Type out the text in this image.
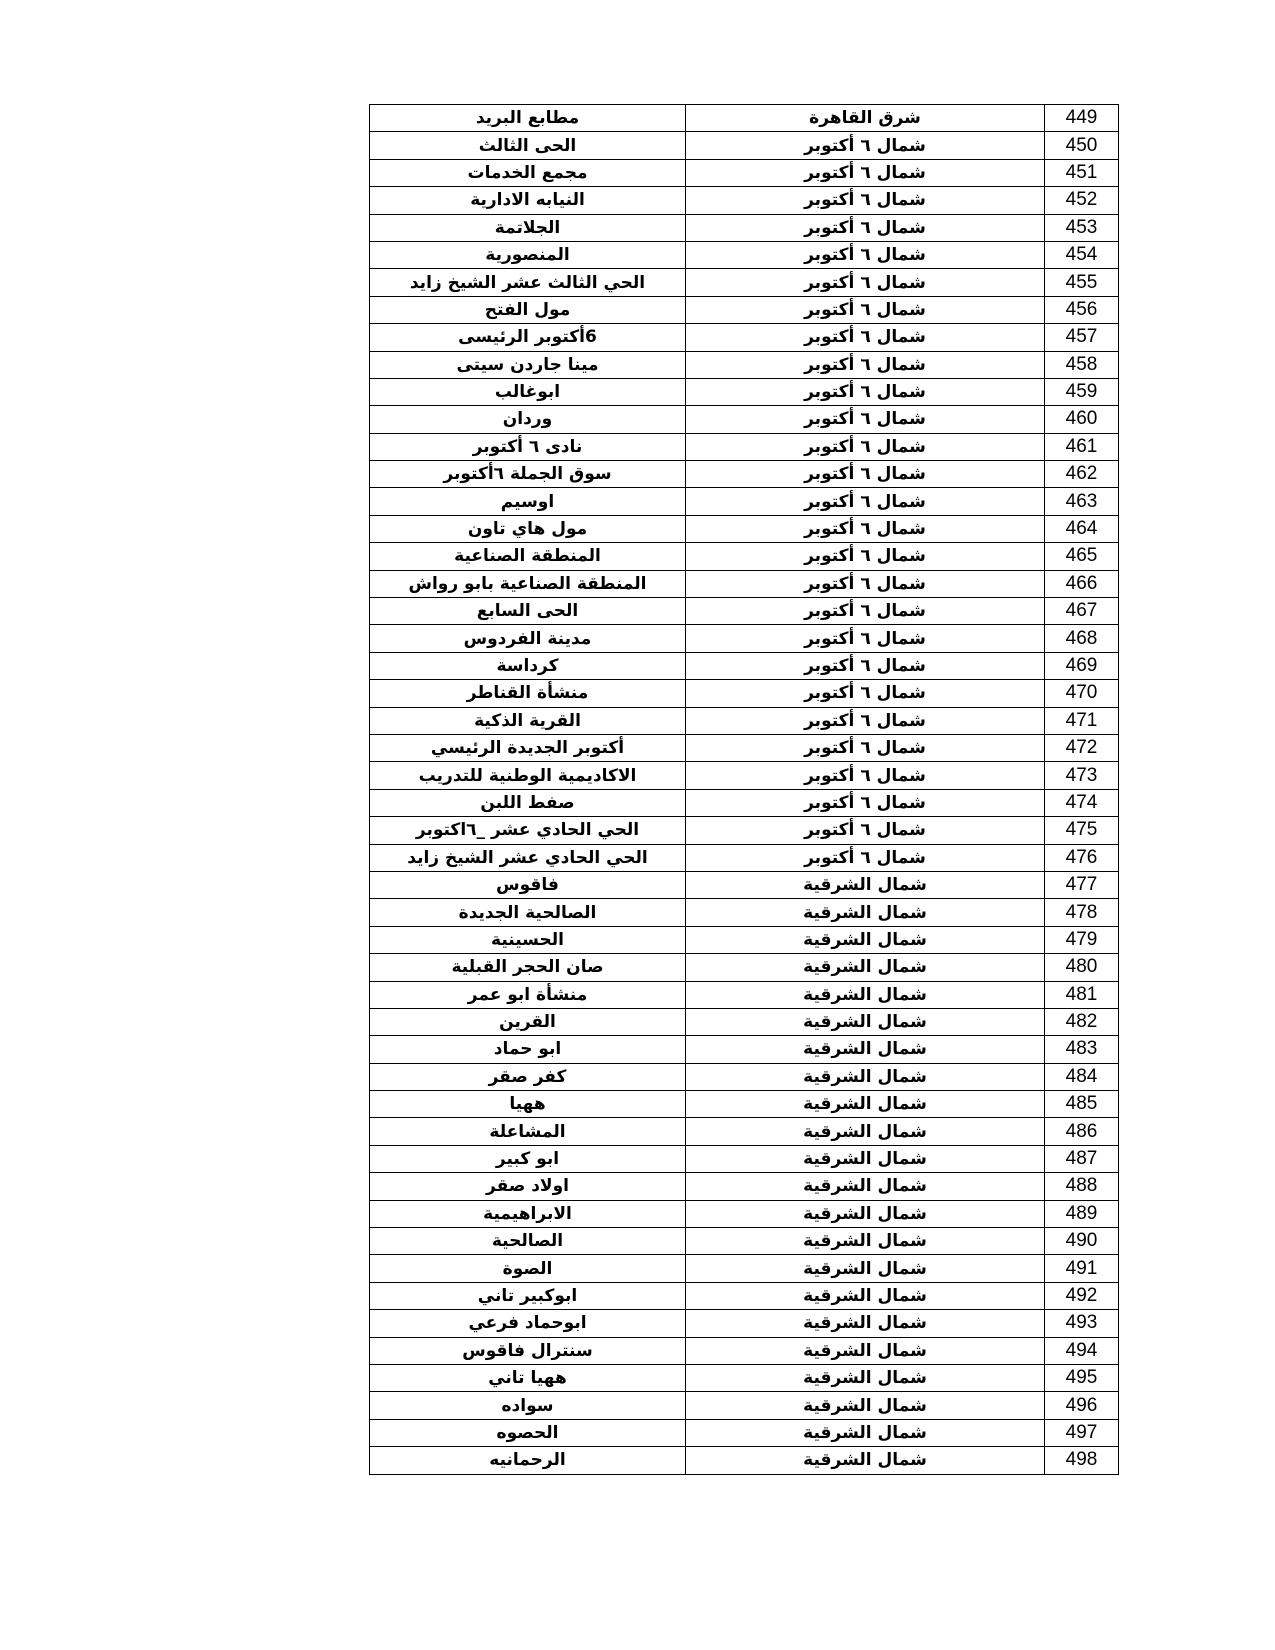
مطابع البريد	شرق القاهرة	449
الحى الثالث	شمال ٦ أكتوبر	450
مجمع الخدمات	شمال ٦ أكتوبر	451
النيابه الادارية	شمال ٦ أكتوبر	452
الجلاتمة	شمال ٦ أكتوبر	453
المنصورية	شمال ٦ أكتوبر	454
الحي الثالث عشر الشيخ زايد	شمال ٦ أكتوبر	455
مول الفتح	شمال ٦ أكتوبر	456
6أكتوبر الرئيسى	شمال ٦ أكتوبر	457
مينا جاردن سيتى	شمال ٦ أكتوبر	458
ابوغالب	شمال ٦ أكتوبر	459
وردان	شمال ٦ أكتوبر	460
نادى ٦ أكتوبر	شمال ٦ أكتوبر	461
سوق الجملة ٦أكتوبر	شمال ٦ أكتوبر	462
اوسيم	شمال ٦ أكتوبر	463
مول هاي تاون	شمال ٦ أكتوبر	464
المنطقة الصناعية	شمال ٦ أكتوبر	465
المنطقة الصناعية بابو رواش	شمال ٦ أكتوبر	466
الحى السابع	شمال ٦ أكتوبر	467
مدينة الفردوس	شمال ٦ أكتوبر	468
كرداسة	شمال ٦ أكتوبر	469
منشأة القناطر	شمال ٦ أكتوبر	470
القرية الذكية	شمال ٦ أكتوبر	471
أكتوبر الجديدة الرئيسي	شمال ٦ أكتوبر	472
الاكاديمية الوطنية للتدريب	شمال ٦ أكتوبر	473
صفط اللبن	شمال ٦ أكتوبر	474
الحي الحادي عشر _٦اكتوبر	شمال ٦ أكتوبر	475
الحي الحادي عشر الشيخ زايد	شمال ٦ أكتوبر	476
فاقوس	شمال الشرقية	477
الصالحية الجديدة	شمال الشرقية	478
الحسينية	شمال الشرقية	479
صان الحجر القبلية	شمال الشرقية	480
منشأة ابو عمر	شمال الشرقية	481
القرين	شمال الشرقية	482
ابو حماد	شمال الشرقية	483
كفر صقر	شمال الشرقية	484
ههيا	شمال الشرقية	485
المشاعلة	شمال الشرقية	486
ابو كبير	شمال الشرقية	487
اولاد صقر	شمال الشرقية	488
الابراهيمية	شمال الشرقية	489
الصالحية	شمال الشرقية	490
الصوة	شمال الشرقية	491
ابوكبير تاني	شمال الشرقية	492
ابوحماد فرعي	شمال الشرقية	493
سنترال فاقوس	شمال الشرقية	494
ههيا تاني	شمال الشرقية	495
سواده	شمال الشرقية	496
الحصوه	شمال الشرقية	497
الرحمانيه	شمال الشرقية	498
